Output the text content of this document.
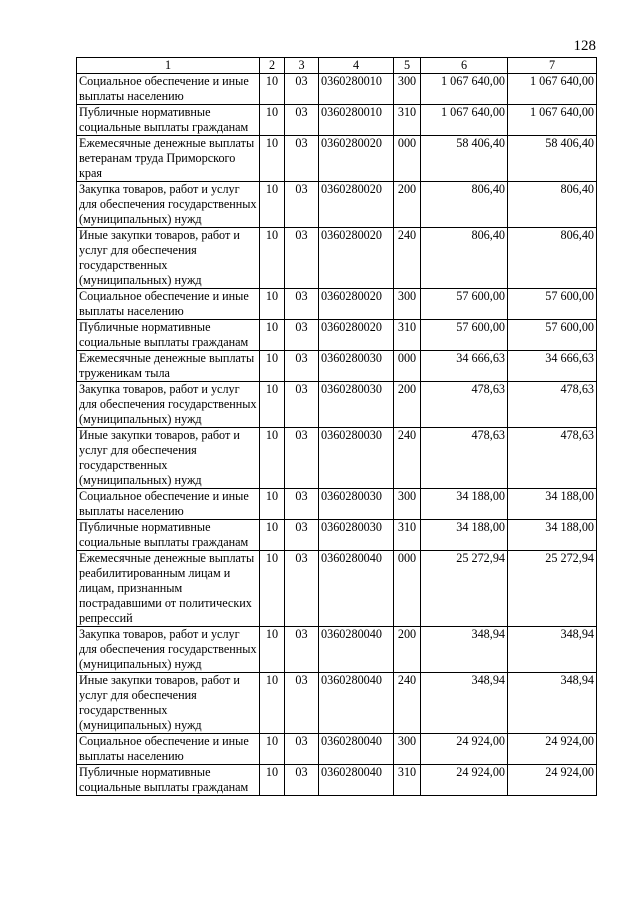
128
1	2	3	4	5	6	7
Социальное обеспечение и иные выплаты населению	10	03	0360280010	300	1 067 640,00	1 067 640,00
Публичные нормативные социальные выплаты гражданам	10	03	0360280010	310	1 067 640,00	1 067 640,00
Ежемесячные денежные выплаты ветеранам труда Приморского края	10	03	0360280020	000	58 406,40	58 406,40
Закупка товаров, работ и услуг для обеспечения государственных (муниципальных) нужд	10	03	0360280020	200	806,40	806,40
Иные закупки товаров, работ и услуг для обеспечения государственных (муниципальных) нужд	10	03	0360280020	240	806,40	806,40
Социальное обеспечение и иные выплаты населению	10	03	0360280020	300	57 600,00	57 600,00
Публичные нормативные социальные выплаты гражданам	10	03	0360280020	310	57 600,00	57 600,00
Ежемесячные денежные выплаты труженикам тыла	10	03	0360280030	000	34 666,63	34 666,63
Закупка товаров, работ и услуг для обеспечения государственных (муниципальных) нужд	10	03	0360280030	200	478,63	478,63
Иные закупки товаров, работ и услуг для обеспечения государственных (муниципальных) нужд	10	03	0360280030	240	478,63	478,63
Социальное обеспечение и иные выплаты населению	10	03	0360280030	300	34 188,00	34 188,00
Публичные нормативные социальные выплаты гражданам	10	03	0360280030	310	34 188,00	34 188,00
Ежемесячные денежные выплаты реабилитированным лицам и лицам, признанным пострадавшими от политических репрессий	10	03	0360280040	000	25 272,94	25 272,94
Закупка товаров, работ и услуг для обеспечения государственных (муниципальных) нужд	10	03	0360280040	200	348,94	348,94
Иные закупки товаров, работ и услуг для обеспечения государственных (муниципальных) нужд	10	03	0360280040	240	348,94	348,94
Социальное обеспечение и иные выплаты населению	10	03	0360280040	300	24 924,00	24 924,00
Публичные нормативные социальные выплаты гражданам	10	03	0360280040	310	24 924,00	24 924,00
